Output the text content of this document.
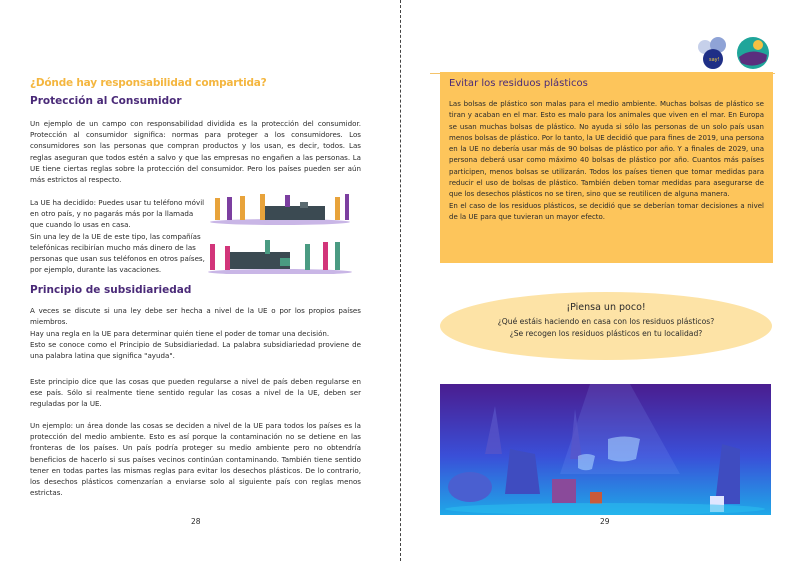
¿Dónde hay responsabilidad compartida?
Protección al Consumidor
Un ejemplo de un campo con responsabilidad dividida es la protección del consumidor. Protección al consumidor significa: normas para proteger a los consumidores. Los consumidores son las personas que compran productos y los usan, es decir, todos. Las reglas aseguran que todos estén a salvo y que las empresas no engañen a las personas. La UE tiene ciertas reglas sobre la protección del consumidor. Pero los países pueden ser aún más estrictos al respecto.
La UE ha decidido: Puedes usar tu teléfono móvil en otro país, y no pagarás más por la llamada que cuando lo usas en casa.
Sin una ley de la UE de este tipo, las compañías telefónicas recibirían mucho más dinero de las personas que usan sus teléfonos en otros países, por ejemplo, durante las vacaciones.
Principio de subsidiariedad
A veces se discute si una ley debe ser hecha a nivel de la UE o por los propios países miembros.
Hay una regla en la UE para determinar quién tiene el poder de tomar una decisión.
Esto se conoce como el Principio de Subsidiariedad. La palabra subsidiariedad proviene de una palabra latina que significa "ayuda".
Este principio dice que las cosas que pueden regularse a nivel de país deben regularse en ese país. Sólo si realmente tiene sentido regular las cosas a nivel de la UE, deben ser reguladas por la UE.
Un ejemplo: un área donde las cosas se deciden a nivel de la UE para todos los países es la protección del medio ambiente. Esto es así porque la contaminación no se detiene en las fronteras de los países. Un país podría proteger su medio ambiente pero no obtendría beneficios de hacerlo si sus países vecinos continúan contaminando. También tiene sentido tener en todas partes las mismas reglas para evitar los desechos plásticos. De lo contrario, los desechos plásticos comenzarían a enviarse solo al siguiente país con reglas menos estrictas.
28
say!
Evitar los residuos plásticos
Las bolsas de plástico son malas para el medio ambiente. Muchas bolsas de plástico se tiran y acaban en el mar. Esto es malo para los animales que viven en el mar. En Europa se usan muchas bolsas de plástico. No ayuda si sólo las personas de un solo país usan menos bolsas de plástico. Por lo tanto, la UE decidió que para fines de 2019, una persona en la UE no debería usar más de 90 bolsas de plástico por año. Y a finales de 2029, una persona deberá usar como máximo 40 bolsas de plástico por año. Cuantos más países participen, menos bolsas se utilizarán. Todos los países tienen que tomar medidas para reducir el uso de bolsas de plástico. También deben tomar medidas para asegurarse de que los desechos plásticos no se tiren, sino que se reutilicen de alguna manera.
En el caso de los residuos plásticos, se decidió que se deberían tomar decisiones a nivel de la UE para que tuvieran un mayor efecto.
¡Piensa un poco!
¿Qué estáis haciendo en casa con los residuos plásticos?
¿Se recogen los residuos plásticos en tu localidad?
29
